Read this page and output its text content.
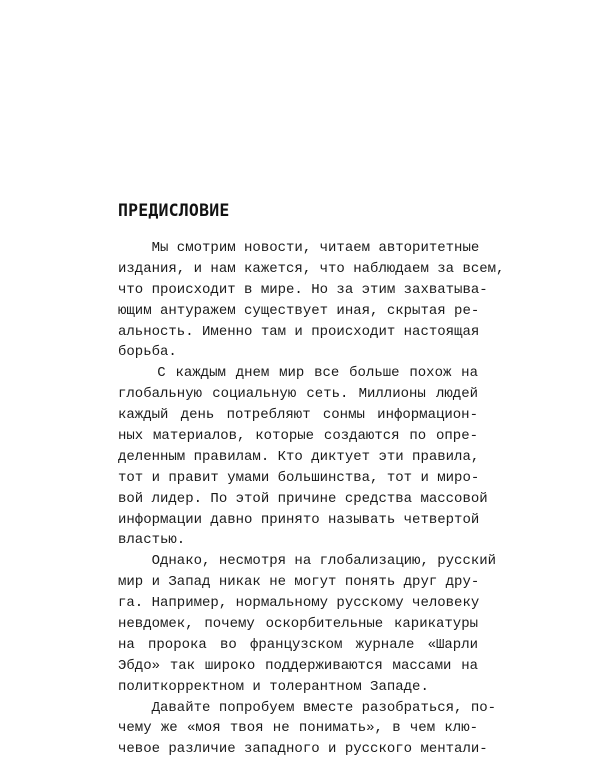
ПРЕДИСЛОВИЕ
Мы смотрим новости, читаем авторитетные
издания, и нам кажется, что наблюдаем за всем,
что происходит в мире. Но за этим захватыва-
ющим антуражем существует иная, скрытая ре-
альность. Именно там и происходит настоящая
борьба.
С каждым днем мир все больше похож на
глобальную социальную сеть. Миллионы людей
каждый день потребляют сонмы информацион-
ных материалов, которые создаются по опре-
деленным правилам. Кто диктует эти правила,
тот и правит умами большинства, тот и миро-
вой лидер. По этой причине средства массовой
информации давно принято называть четвертой
властью.
Однако, несмотря на глобализацию, русский
мир и Запад никак не могут понять друг дру-
га. Например, нормальному русскому человеку
невдомек, почему оскорбительные карикатуры
на пророка во французском журнале «Шарли
Эбдо» так широко поддерживаются массами на
политкорректном и толерантном Западе.
Давайте попробуем вместе разобраться, по-
чему же «моя твоя не понимать», в чем клю-
чевое различие западного и русского ментали-
